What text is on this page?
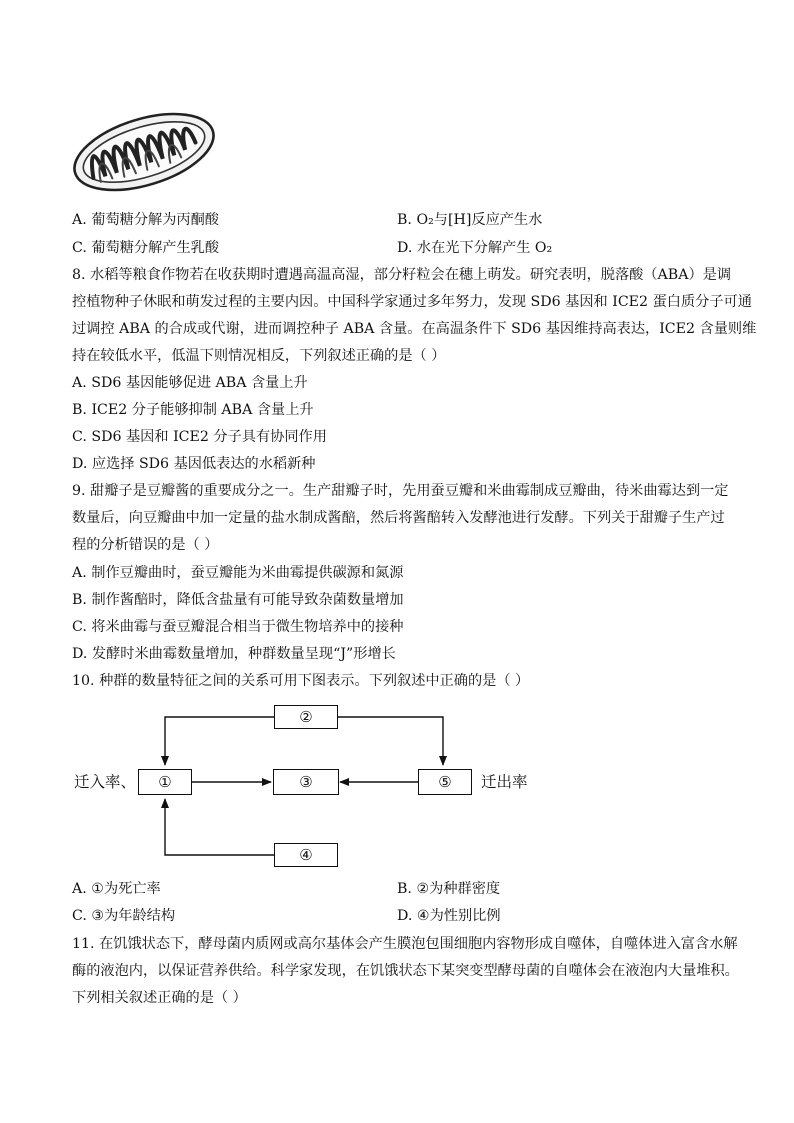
A. 葡萄糖分解为丙酮酸	B. O₂与[H]反应产生水
C. 葡萄糖分解产生乳酸	D. 水在光下分解产生 O₂
8. 水稻等粮食作物若在收获期时遭遇高温高湿，部分籽粒会在穗上萌发。研究表明，脱落酸（ABA）是调
控植物种子休眠和萌发过程的主要内因。中国科学家通过多年努力，发现 SD6 基因和 ICE2 蛋白质分子可通
过调控 ABA 的合成或代谢，进而调控种子 ABA 含量。在高温条件下 SD6 基因维持高表达，ICE2 含量则维
持在较低水平，低温下则情况相反，下列叙述正确的是（ ）
A. SD6 基因能够促进 ABA 含量上升
B. ICE2 分子能够抑制 ABA 含量上升
C. SD6 基因和 ICE2 分子具有协同作用
D. 应选择 SD6 基因低表达的水稻新种
9. 甜瓣子是豆瓣酱的重要成分之一。生产甜瓣子时，先用蚕豆瓣和米曲霉制成豆瓣曲，待米曲霉达到一定
数量后，向豆瓣曲中加一定量的盐水制成酱醅，然后将酱醅转入发酵池进行发酵。下列关于甜瓣子生产过
程的分析错误的是（ ）
A. 制作豆瓣曲时，蚕豆瓣能为米曲霉提供碳源和氮源
B. 制作酱醅时，降低含盐量有可能导致杂菌数量增加
C. 将米曲霉与蚕豆瓣混合相当于微生物培养中的接种
D. 发酵时米曲霉数量增加，种群数量呈现“J”形增长
10. 种群的数量特征之间的关系可用下图表示。下列叙述中正确的是（ ）
②
①	③	⑤
④
迁入率、	迁出率
A. ①为死亡率	B. ②为种群密度
C. ③为年龄结构	D. ④为性别比例
11. 在饥饿状态下，酵母菌内质网或高尔基体会产生膜泡包围细胞内容物形成自噬体，自噬体进入富含水解
酶的液泡内，以保证营养供给。科学家发现，在饥饿状态下某突变型酵母菌的自噬体会在液泡内大量堆积。
下列相关叙述正确的是（ ）
